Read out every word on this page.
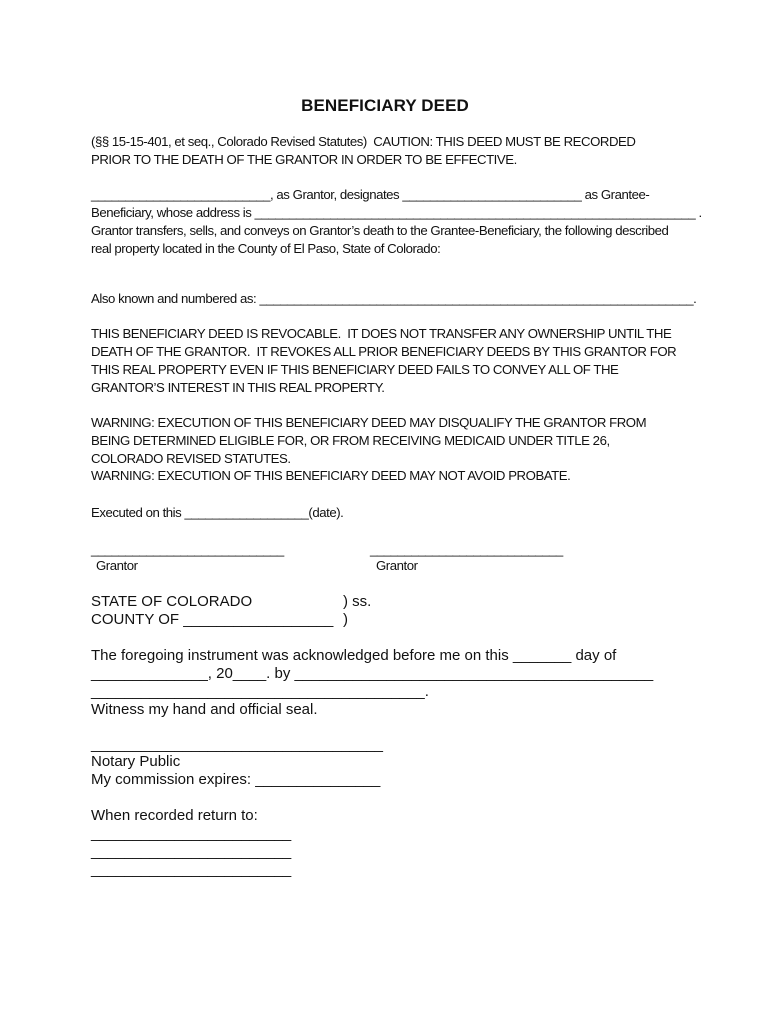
BENEFICIARY DEED
(§§ 15-15-401, et seq., Colorado Revised Statutes)  CAUTION: THIS DEED MUST BE RECORDED
PRIOR TO THE DEATH OF THE GRANTOR IN ORDER TO BE EFFECTIVE.
__________________________, as Grantor, designates __________________________ as Grantee-
Beneficiary, whose address is ________________________________________________________________ .
Grantor transfers, sells, and conveys on Grantor’s death to the Grantee-Beneficiary, the following described
real property located in the County of El Paso, State of Colorado:
Also known and numbered as: _______________________________________________________________.
THIS BENEFICIARY DEED IS REVOCABLE.  IT DOES NOT TRANSFER ANY OWNERSHIP UNTIL THE
DEATH OF THE GRANTOR.  IT REVOKES ALL PRIOR BENEFICIARY DEEDS BY THIS GRANTOR FOR
THIS REAL PROPERTY EVEN IF THIS BENEFICIARY DEED FAILS TO CONVEY ALL OF THE
GRANTOR’S INTEREST IN THIS REAL PROPERTY.
WARNING: EXECUTION OF THIS BENEFICIARY DEED MAY DISQUALIFY THE GRANTOR FROM
BEING DETERMINED ELIGIBLE FOR, OR FROM RECEIVING MEDICAID UNDER TITLE 26,
COLORADO REVISED STATUTES.
WARNING: EXECUTION OF THIS BENEFICIARY DEED MAY NOT AVOID PROBATE.
Executed on this __________________(date).
____________________________	____________________________
Grantor	Grantor
STATE OF COLORADO	) ss.
COUNTY OF __________________ )
The foregoing instrument was acknowledged before me on this _______ day of
______________, 20____. by ___________________________________________
________________________________________.
Witness my hand and official seal.
___________________________________
Notary Public
My commission expires: _______________
When recorded return to:
________________________
________________________
________________________
